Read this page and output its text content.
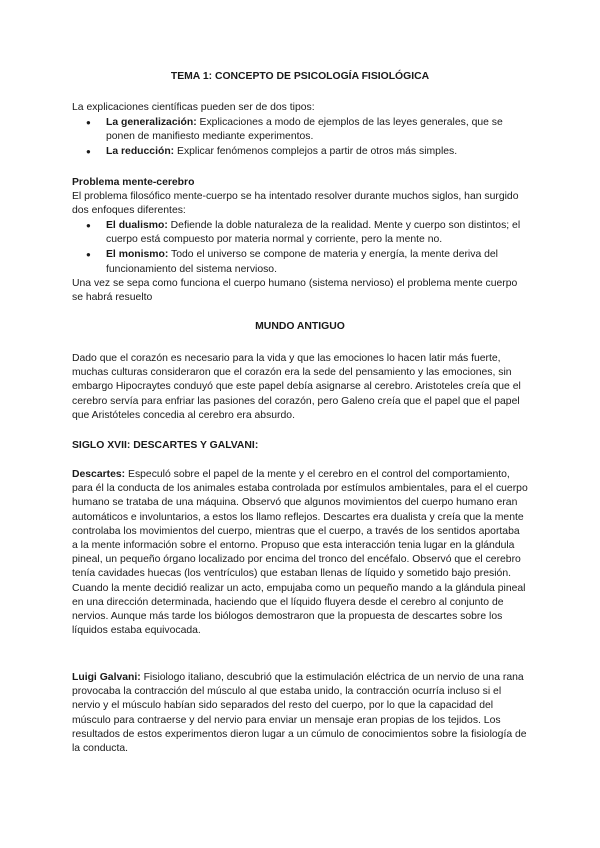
TEMA 1: CONCEPTO DE PSICOLOGÍA FISIOLÓGICA

La explicaciones científicas pueden ser de dos tipos:

● La generalización: Explicaciones a modo de ejemplos de las leyes generales, que se ponen de manifiesto mediante experimentos.
● La reducción: Explicar fenómenos complejos a partir de otros más simples.

Problema mente-cerebro

El problema filosófico mente-cuerpo se ha intentado resolver durante muchos siglos, han surgido dos enfoques diferentes:

● El dualismo: Defiende la doble naturaleza de la realidad. Mente y cuerpo son distintos; el cuerpo está compuesto por materia normal y corriente, pero la mente no.
● El monismo: Todo el universo se compone de materia y energía, la mente deriva del funcionamiento del sistema nervioso.

Una vez se sepa como funciona el cuerpo humano (sistema nervioso) el problema mente cuerpo se habrá resuelto

MUNDO ANTIGUO

Dado que el corazón es necesario para la vida y que las emociones lo hacen latir más fuerte, muchas culturas consideraron que el corazón era la sede del pensamiento y las emociones, sin embargo Hipocraytes conduyó que este papel debía asignarse al cerebro. Aristoteles creía que el cerebro servía para enfriar las pasiones del corazón, pero Galeno creía que el papel que el papel que Aristóteles concedia al cerebro era absurdo.

SIGLO XVII: DESCARTES Y GALVANI:

Descartes: Especuló sobre el papel de la mente y el cerebro en el control del comportamiento, para él la conducta de los animales estaba controlada por estímulos ambientales, para el el cuerpo humano se trataba de una máquina. Observó que algunos movimientos del cuerpo humano eran automáticos e involuntarios, a estos los llamo reflejos. Descartes era dualista y creía que la mente controlaba los movimientos del cuerpo, mientras que el cuerpo, a través de los sentidos aportaba a la mente información sobre el entorno. Propuso que esta interacción tenia lugar en la glándula pineal, un pequeño órgano localizado por encima del tronco del encéfalo. Observó que el cerebro tenía cavidades huecas (los ventrículos) que estaban llenas de líquido y sometido bajo presión. Cuando la mente decidió realizar un acto, empujaba como un pequeño mando a la glándula pineal en una dirección determinada, haciendo que el líquido fluyera desde el cerebro al conjunto de nervios. Aunque más tarde los biólogos demostraron que la propuesta de descartes sobre los líquidos estaba equivocada.

Luigi Galvani: Fisiologo italiano, descubrió que la estimulación eléctrica de un nervio de una rana provocaba la contracción del músculo al que estaba unido, la contracción ocurría incluso si el nervio y el músculo habían sido separados del resto del cuerpo, por lo que la capacidad del músculo para contraerse y del nervio para enviar un mensaje eran propias de los tejidos. Los resultados de estos experimentos dieron lugar a un cúmulo de conocimientos sobre la fisiología de la conducta.
